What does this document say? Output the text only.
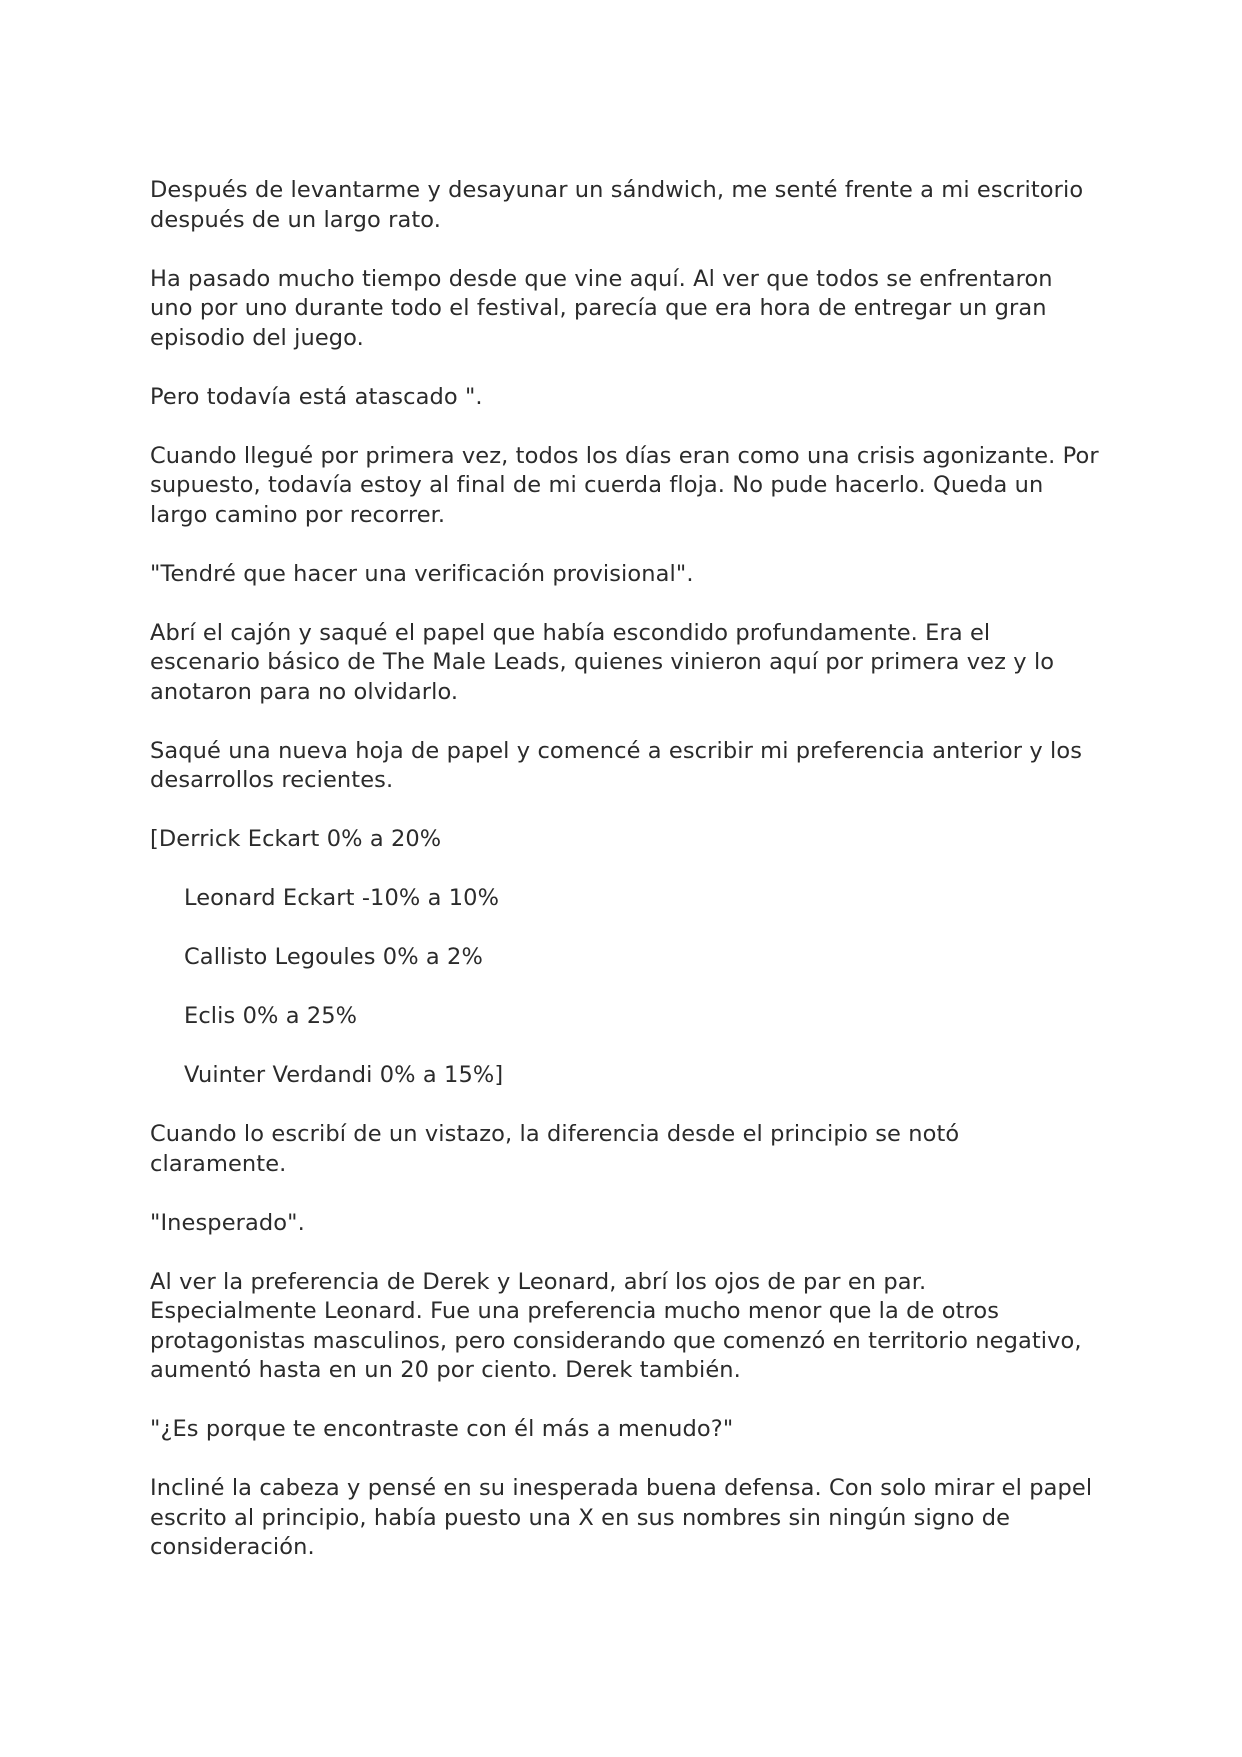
Después de levantarme y desayunar un sándwich, me senté frente a mi escritorio después de un largo rato.

Ha pasado mucho tiempo desde que vine aquí. Al ver que todos se enfrentaron uno por uno durante todo el festival, parecía que era hora de entregar un gran episodio del juego.

Pero todavía está atascado ".

Cuando llegué por primera vez, todos los días eran como una crisis agonizante. Por supuesto, todavía estoy al final de mi cuerda floja. No pude hacerlo. Queda un largo camino por recorrer.

"Tendré que hacer una verificación provisional".

Abrí el cajón y saqué el papel que había escondido profundamente. Era el escenario básico de The Male Leads, quienes vinieron aquí por primera vez y lo anotaron para no olvidarlo.

Saqué una nueva hoja de papel y comencé a escribir mi preferencia anterior y los desarrollos recientes.

[Derrick Eckart 0% a 20%

Leonard Eckart -10% a 10%

Callisto Legoules 0% a 2%

Eclis 0% a 25%

Vuinter Verdandi 0% a 15%]

Cuando lo escribí de un vistazo, la diferencia desde el principio se notó claramente.

"Inesperado".

Al ver la preferencia de Derek y Leonard, abrí los ojos de par en par. Especialmente Leonard. Fue una preferencia mucho menor que la de otros protagonistas masculinos, pero considerando que comenzó en territorio negativo, aumentó hasta en un 20 por ciento. Derek también.

"¿Es porque te encontraste con él más a menudo?"

Incliné la cabeza y pensé en su inesperada buena defensa. Con solo mirar el papel escrito al principio, había puesto una X en sus nombres sin ningún signo de consideración.
